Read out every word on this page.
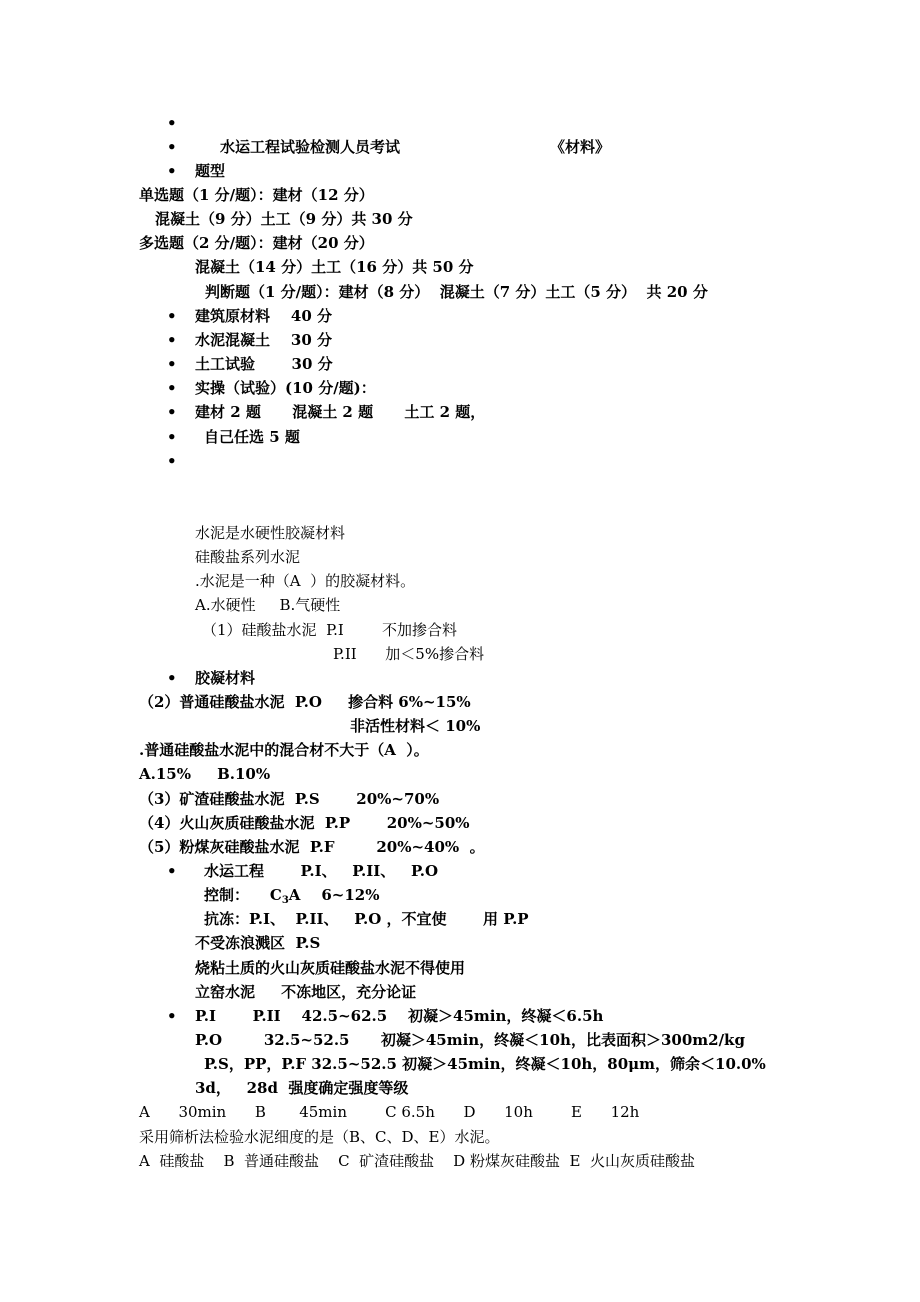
•
•	水运工程试验检测人员考试	《材料》
• 题型
单选题（1 分/题）：建材（12 分）
混凝土（9 分）土工（9 分）共 30 分
多选题（2 分/题）：建材（20 分）
混凝土（14 分）土工（16 分）共 50 分
判断题（1 分/题）：建材（8 分）  混凝土（7 分）土工（5 分）  共 20 分
• 建筑原材料    40 分
• 水泥混凝土    30 分
• 土工试验       30 分
• 实操（试验）(10 分/题)：
• 建材 2 题      混凝土 2 题      土工 2 题，
• 自己任选 5 题
•
水泥是水硬性胶凝材料
硅酸盐系列水泥
.水泥是一种（A  ）的胶凝材料。
A.水硬性     B.气硬性
（1）硅酸盐水泥  P.I        不加掺合料
P.II      加＜5%掺合料
• 胶凝材料
（2）普通硅酸盐水泥  P.O     掺合料 6%~15%
非活性材料＜ 10%
.普通硅酸盐水泥中的混合材不大于（A  ）。
A.15%     B.10%
（3）矿渣硅酸盐水泥  P.S       20%~70%
（4）火山灰质硅酸盐水泥  P.P       20%~50%
（5）粉煤灰硅酸盐水泥  P.F        20%~40%  。
• 水运工程       P.I、   P.II、   P.O
控制：    $C_3A$    6~12%
抗冻：P.I、  P.II、   P.O ，不宜使       用 P.P
不受冻浪溅区  P.S
烧粘土质的火山灰质硅酸盐水泥不得使用
立窑水泥     不冻地区，充分论证
• P.I       P.II    42.5~62.5    初凝＞45min，终凝＜6.5h
P.O        32.5~52.5      初凝＞45min，终凝＜10h，比表面积＞300m2/kg
P.S，PP，P.F 32.5~52.5 初凝＞45min，终凝＜10h，80μm，筛余＜10.0%
3d，   28d  强度确定强度等级
A      30min      B       45min        C 6.5h      D      10h        E      12h
采用筛析法检验水泥细度的是（B、C、D、E）水泥。
A  硅酸盐    B  普通硅酸盐    C  矿渣硅酸盐    D 粉煤灰硅酸盐  E  火山灰质硅酸盐
